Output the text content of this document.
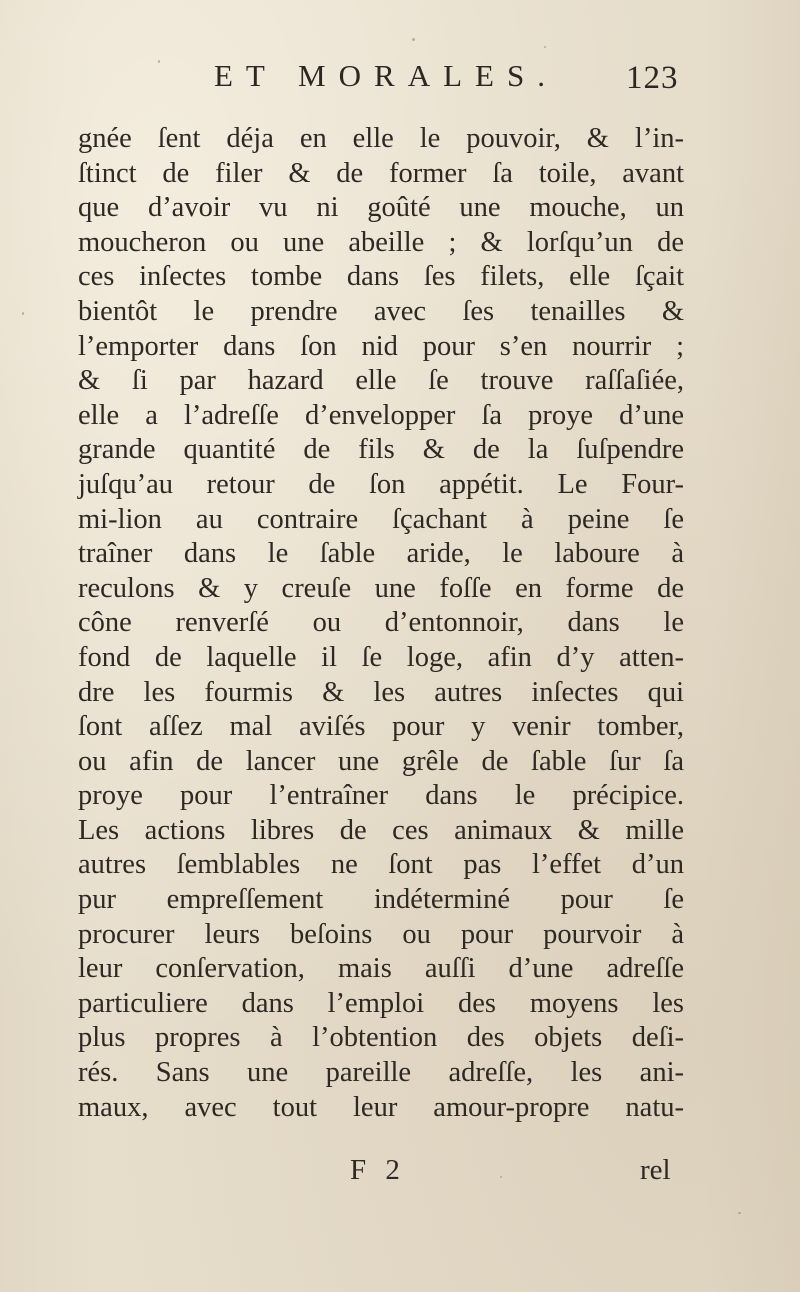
ET MORALES. 123
gnée ſent déja en elle le pouvoir, & l’in-
ſtinct de filer & de former ſa toile, avant
que d’avoir vu ni goûté une mouche, un
moucheron ou une abeille ; & lorſqu’un de
ces inſectes tombe dans ſes filets, elle ſçait
bientôt le prendre avec ſes tenailles &
l’emporter dans ſon nid pour s’en nourrir ;
& ſi par hazard elle ſe trouve raſſaſiée,
elle a l’adreſſe d’envelopper ſa proye d’une
grande quantité de fils & de la ſuſpendre
juſqu’au retour de ſon appétit. Le Four-
mi-lion au contraire ſçachant à peine ſe
traîner dans le ſable aride, le laboure à
reculons & y creuſe une foſſe en forme de
cône renverſé ou d’entonnoir, dans le
fond de laquelle il ſe loge, afin d’y atten-
dre les fourmis & les autres inſectes qui
ſont aſſez mal aviſés pour y venir tomber,
ou afin de lancer une grêle de ſable ſur ſa
proye pour l’entraîner dans le précipice.
Les actions libres de ces animaux & mille
autres ſemblables ne ſont pas l’effet d’un
pur empreſſement indéterminé pour ſe
procurer leurs beſoins ou pour pourvoir à
leur conſervation, mais auſſi d’une adreſſe
particuliere dans l’emploi des moyens les
plus propres à l’obtention des objets deſi-
rés. Sans une pareille adreſſe, les ani-
maux, avec tout leur amour-propre natu-
F 2	rel
